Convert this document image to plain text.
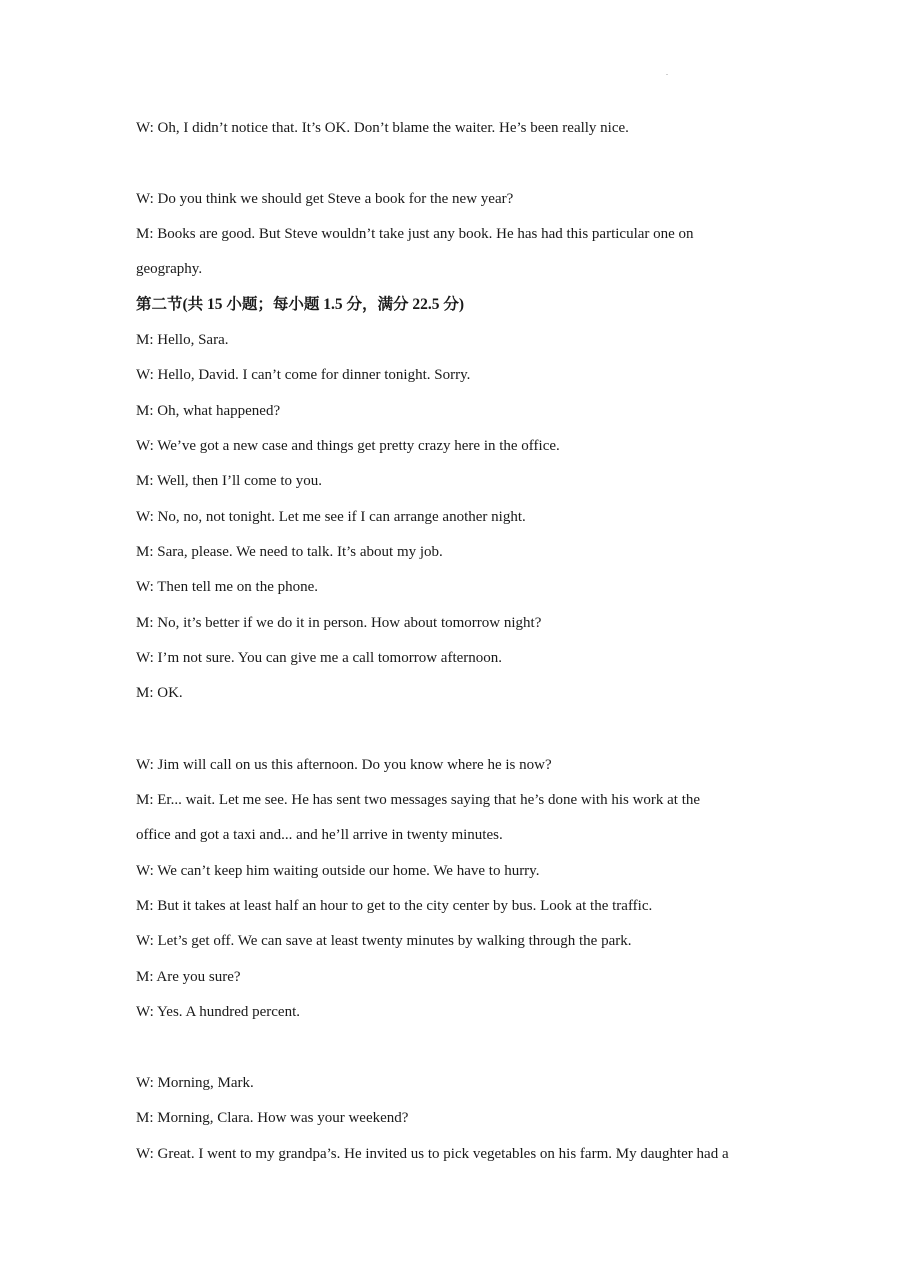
W: Oh, I didn’t notice that. It’s OK. Don’t blame the waiter. He’s been really nice.
W: Do you think we should get Steve a book for the new year?
M: Books are good. But Steve wouldn’t take just any book. He has had this particular one on
geography.
第二节(共 15 小题；每小题 1.5 分，满分 22.5 分)
M: Hello, Sara.
W: Hello, David. I can’t come for dinner tonight. Sorry.
M: Oh, what happened?
W: We’ve got a new case and things get pretty crazy here in the office.
M: Well, then I’ll come to you.
W: No, no, not tonight. Let me see if I can arrange another night.
M: Sara, please. We need to talk. It’s about my job.
W: Then tell me on the phone.
M: No, it’s better if we do it in person. How about tomorrow night?
W: I’m not sure. You can give me a call tomorrow afternoon.
M: OK.
W: Jim will call on us this afternoon. Do you know where he is now?
M: Er... wait. Let me see. He has sent two messages saying that he’s done with his work at the
office and got a taxi and... and he’ll arrive in twenty minutes.
W: We can’t keep him waiting outside our home. We have to hurry.
M: But it takes at least half an hour to get to the city center by bus. Look at the traffic.
W: Let’s get off. We can save at least twenty minutes by walking through the park.
M: Are you sure?
W: Yes. A hundred percent.
W: Morning, Mark.
M: Morning, Clara. How was your weekend?
W: Great. I went to my grandpa’s. He invited us to pick vegetables on his farm. My daughter had a
